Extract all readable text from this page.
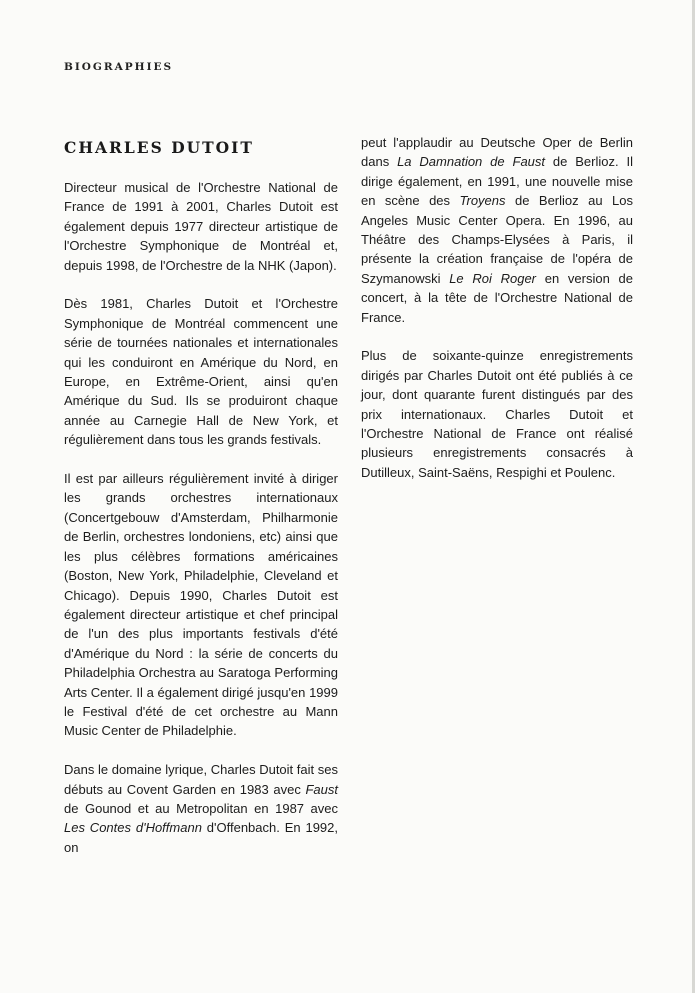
BIOGRAPHIES
CHARLES DUTOIT

Directeur musical de l'Orchestre National de France de 1991 à 2001, Charles Dutoit est également depuis 1977 directeur artistique de l'Orchestre Symphonique de Montréal et, depuis 1998, de l'Orchestre de la NHK (Japon).

Dès 1981, Charles Dutoit et l'Orchestre Symphonique de Montréal commencent une série de tournées nationales et internationales qui les conduiront en Amérique du Nord, en Europe, en Extrême-Orient, ainsi qu'en Amérique du Sud. Ils se produiront chaque année au Carnegie Hall de New York, et régulièrement dans tous les grands festivals.

Il est par ailleurs régulièrement invité à diriger les grands orchestres internationaux (Concertgebouw d'Amsterdam, Philharmonie de Berlin, orchestres londoniens, etc) ainsi que les plus célèbres formations américaines (Boston, New York, Philadelphie, Cleveland et Chicago). Depuis 1990, Charles Dutoit est également directeur artistique et chef principal de l'un des plus importants festivals d'été d'Amérique du Nord : la série de concerts du Philadelphia Orchestra au Saratoga Performing Arts Center. Il a également dirigé jusqu'en 1999 le Festival d'été de cet orchestre au Mann Music Center de Philadelphie.

Dans le domaine lyrique, Charles Dutoit fait ses débuts au Covent Garden en 1983 avec Faust de Gounod et au Metropolitan en 1987 avec Les Contes d'Hoffmann d'Offenbach. En 1992, on

peut l'applaudir au Deutsche Oper de Berlin dans La Damnation de Faust de Berlioz. Il dirige également, en 1991, une nouvelle mise en scène des Troyens de Berlioz au Los Angeles Music Center Opera. En 1996, au Théâtre des Champs-Elysées à Paris, il présente la création française de l'opéra de Szymanowski Le Roi Roger en version de concert, à la tête de l'Orchestre National de France.

Plus de soixante-quinze enregistrements dirigés par Charles Dutoit ont été publiés à ce jour, dont quarante furent distingués par des prix internationaux. Charles Dutoit et l'Orchestre National de France ont réalisé plusieurs enregistrements consacrés à Dutilleux, Saint-Saëns, Respighi et Poulenc.
